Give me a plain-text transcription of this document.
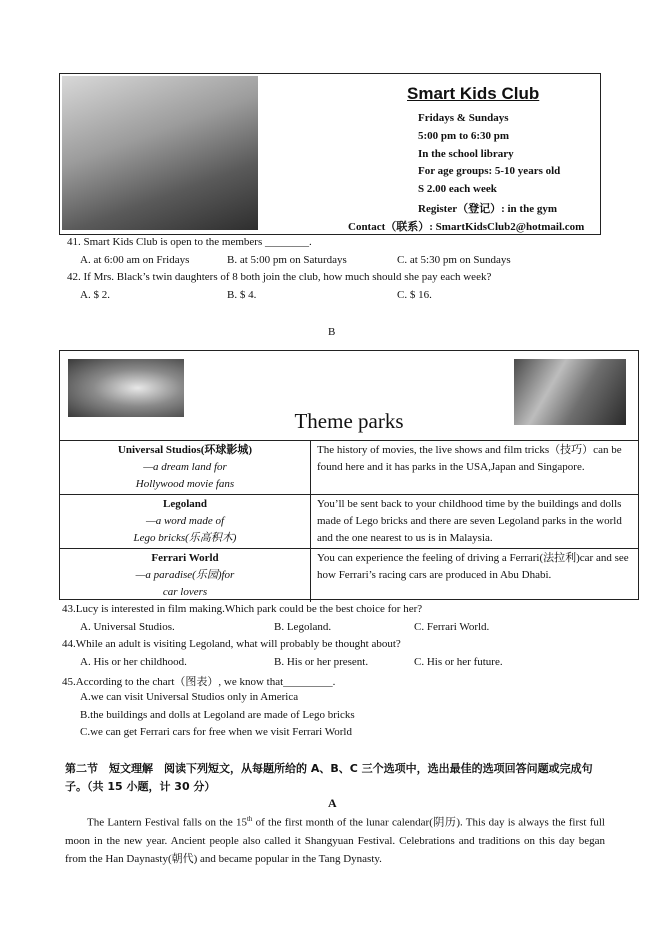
Smart Kids Club
Fridays & Sundays
5:00 pm to 6:30 pm
In the school library
For age groups: 5-10 years old
S 2.00 each week
Register（登记）: in the gym
Contact（联系）: SmartKidsClub2@hotmail.com
41. Smart Kids Club is open to the members ________.
A. at 6:00 am on Fridays	B. at 5:00 pm on Saturdays	C. at 5:30 pm on Sundays
42. If Mrs. Black’s twin daughters of 8 both join the club, how much should she pay each week?
A. $ 2.	B. $ 4.	C. $ 16.
B
Theme parks
Universal Studios(环球影城)
—a dream land for
Hollywood movie fans	The history of movies, the live shows and film tricks（技巧）can be found here and it has parks in the USA,Japan and Singapore.

Legoland
—a word made of
Lego bricks(乐高积木)	You’ll be sent back to your childhood time by the buildings and dolls made of Lego bricks and there are seven Legoland parks in the world and the one nearest to us is in Malaysia.

Ferrari World
—a paradise(乐园)for
car lovers	You can experience the feeling of driving a Ferrari(法拉利)car and see how Ferrari’s racing cars are produced in Abu Dhabi.
43.Lucy is interested in film making.Which park could be the best choice for her?
A. Universal Studios.	B. Legoland.	C. Ferrari World.
44.While an adult is visiting Legoland, what will probably be thought about?
A. His or her childhood.	B. His or her present.	C. His or her future.
45.According to the chart（图表）, we know that_________.
A.we can visit Universal Studios only in America
B.the buildings and dolls at Legoland are made of Lego bricks
C.we can get Ferrari cars for free when we visit Ferrari World
第二节　短文理解　阅读下列短文，从每题所给的 A、B、C 三个选项中，选出最佳的选项回答问题或完成句子。（共 15 小题，计 30 分）
A
The Lantern Festival falls on the 15th of the first month of the lunar calendar(阴历). This day is always the first full moon in the new year. Ancient people also called it Shangyuan Festival. Celebrations and traditions on this day began from the Han Daynasty(朝代) and became popular in the Tang Dynasty.
